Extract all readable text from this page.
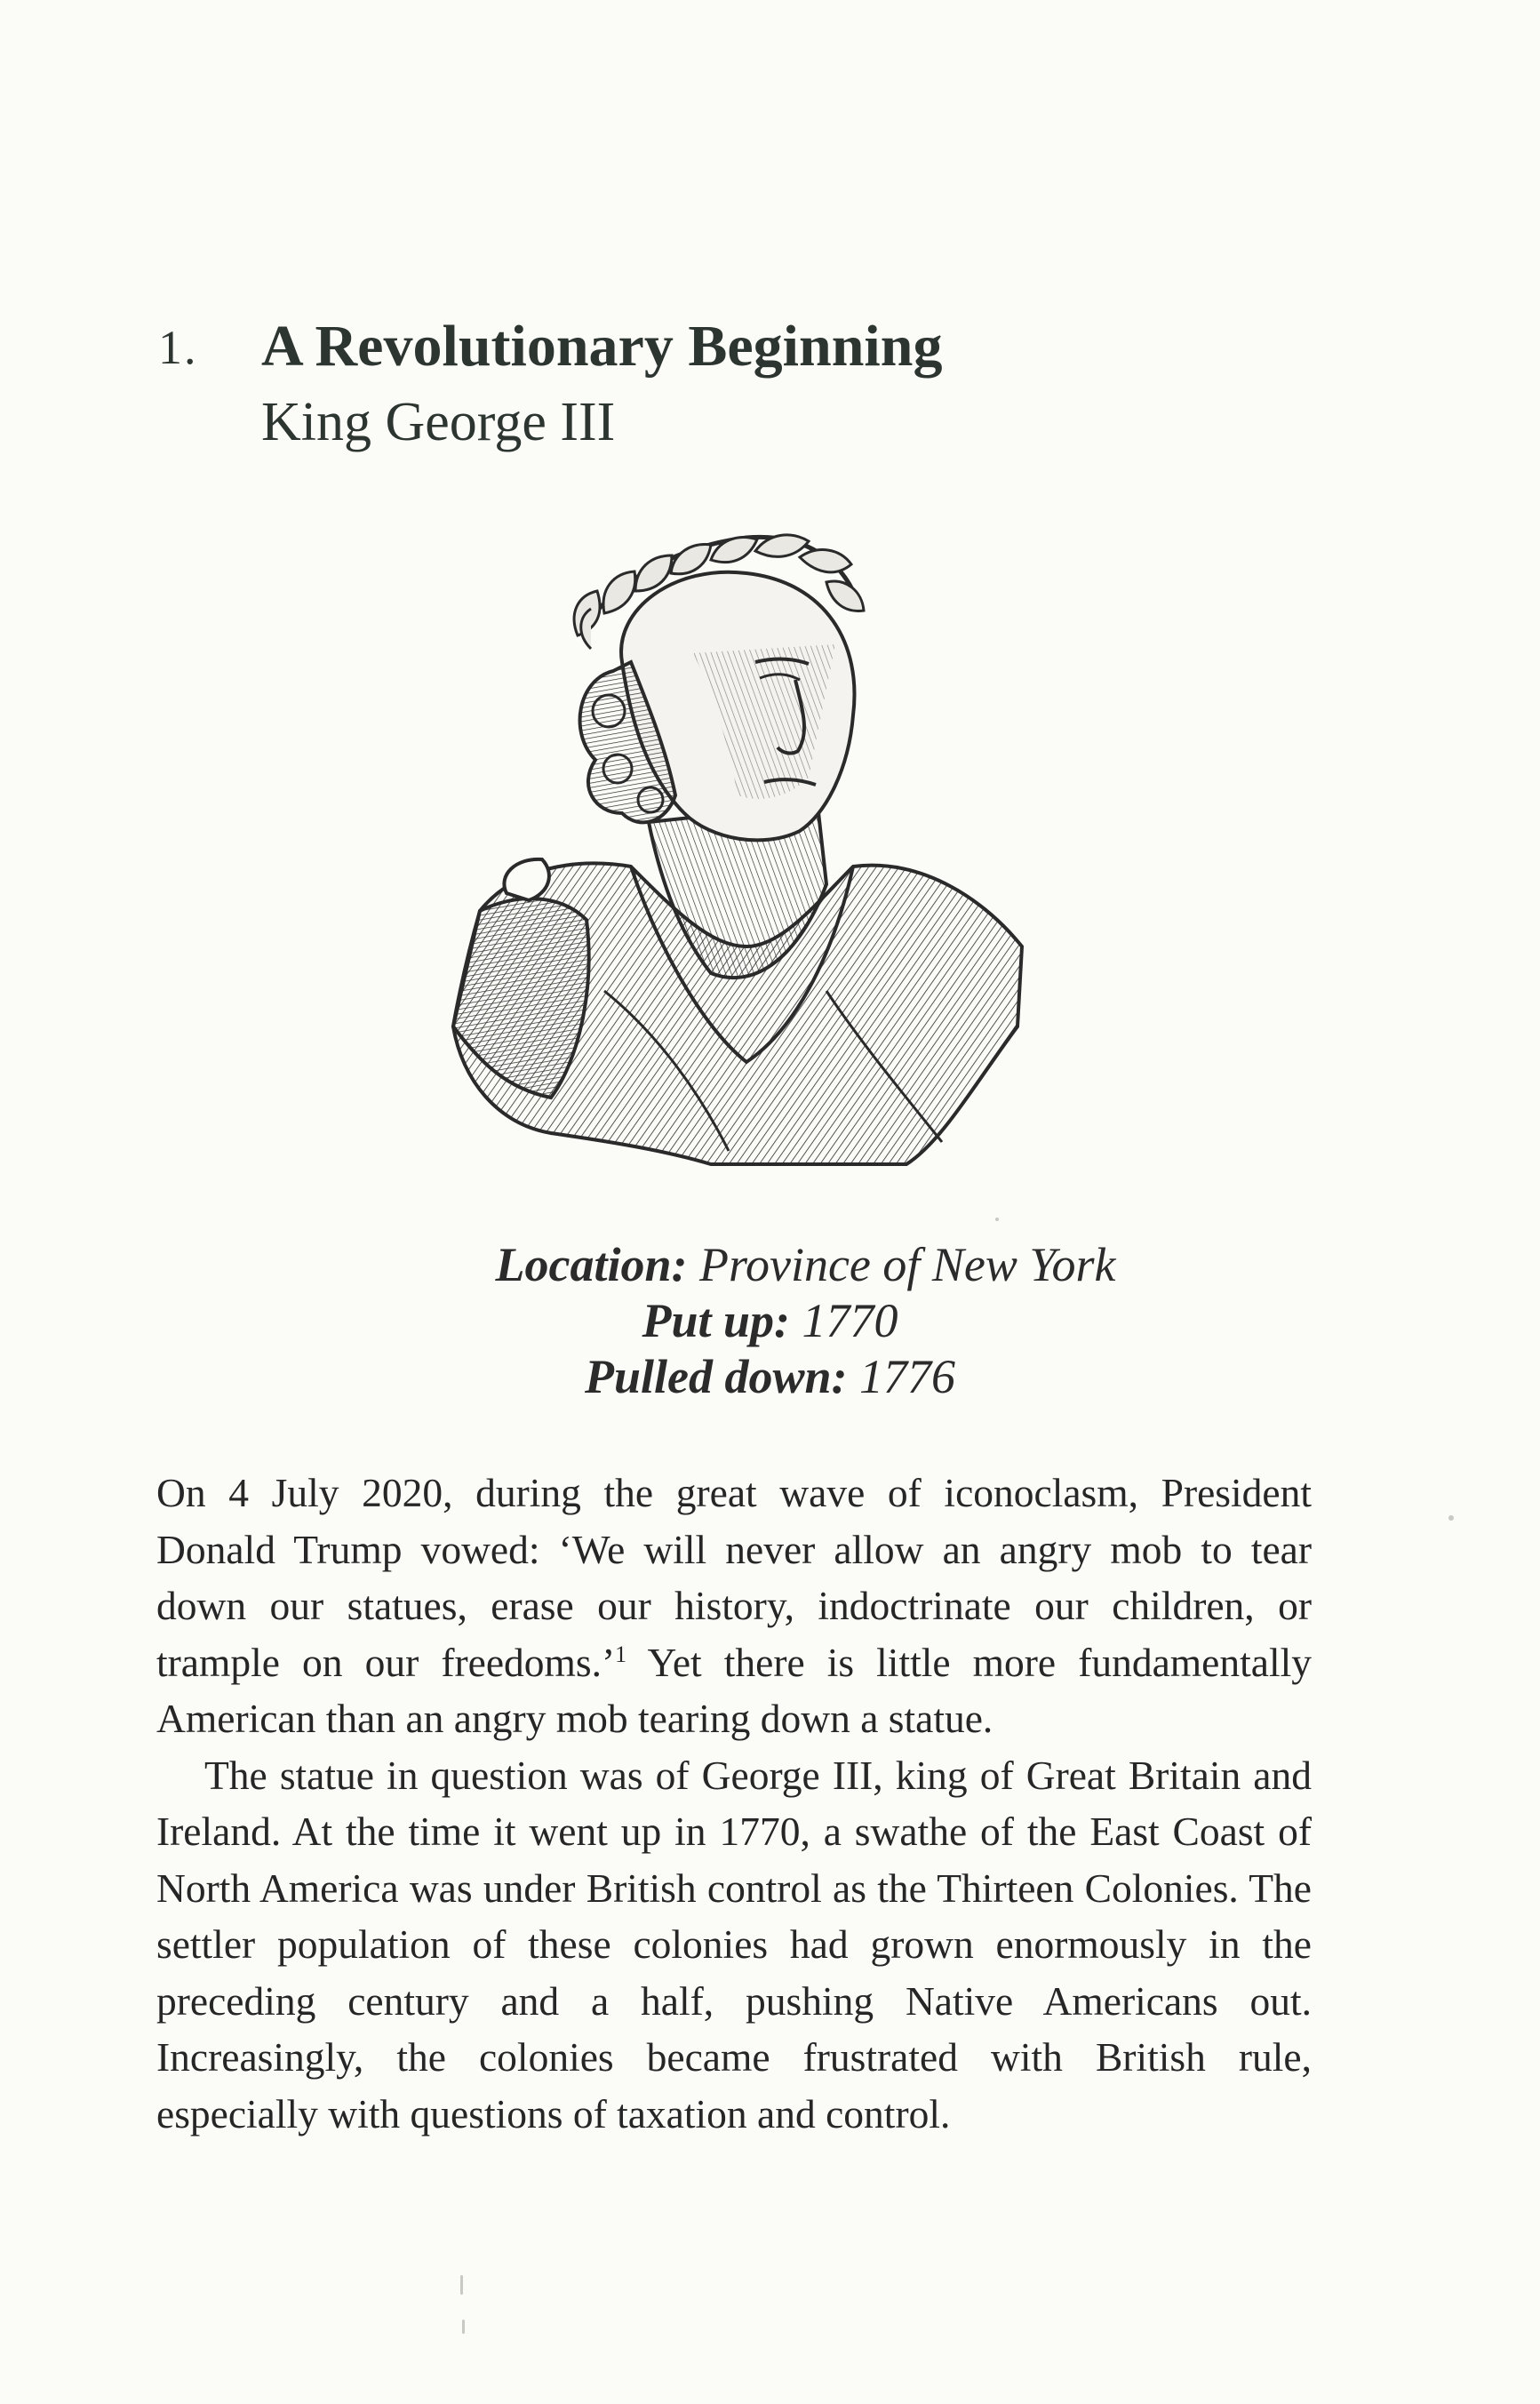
1. A Revolutionary Beginning
King George III
Location: Province of New York
Put up: 1770
Pulled down: 1776

On 4 July 2020, during the great wave of iconoclasm, President Donald Trump vowed: ‘We will never allow an angry mob to tear down our statues, erase our history, indoctrinate our children, or trample on our freedoms.’$^1$ Yet there is little more fundamentally American than an angry mob tearing down a statue.

The statue in question was of George III, king of Great Britain and Ireland. At the time it went up in 1770, a swathe of the East Coast of North America was under British control as the Thirteen Colonies. The settler population of these colonies had grown enormously in the preceding century and a half, pushing Native Americans out. Increasingly, the colonies became frustrated with British rule, especially with questions of taxation and control.
